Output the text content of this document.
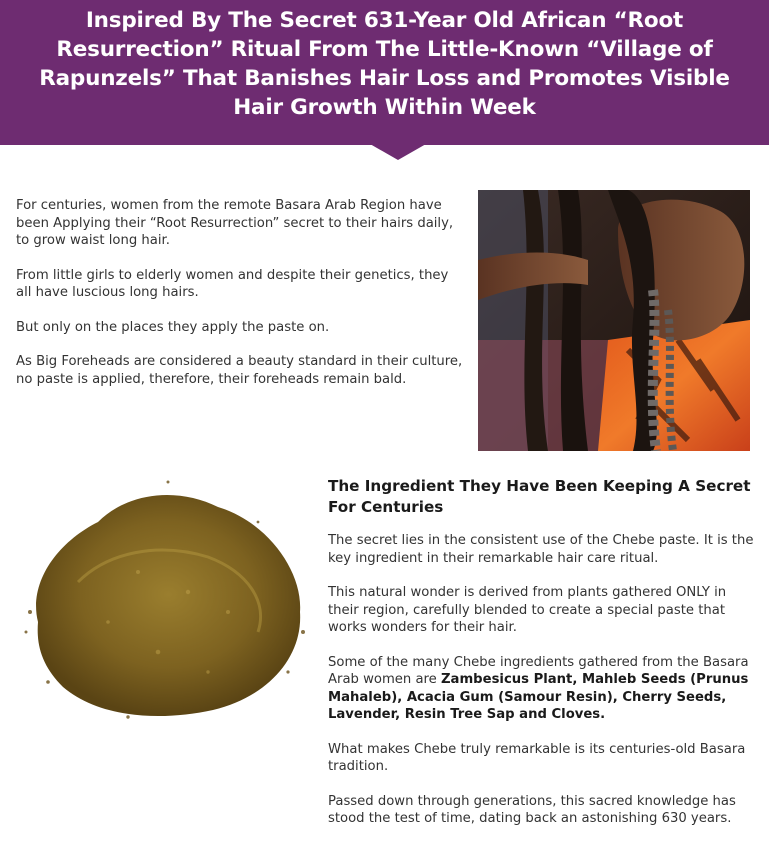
Inspired By The Secret 631-Year Old African “Root Resurrection” Ritual From The Little-Known “Village of Rapunzels” That Banishes Hair Loss and Promotes Visible Hair Growth Within Week

For centuries, women from the remote Basara Arab Region have been Applying their “Root Resurrection” secret to their hairs daily, to grow waist long hair.

From little girls to elderly women and despite their genetics, they all have luscious long hairs.

But only on the places they apply the paste on.

As Big Foreheads are considered a beauty standard in their culture, no paste is applied, therefore, their foreheads remain bald.

The Ingredient They Have Been Keeping A Secret For Centuries

The secret lies in the consistent use of the Chebe paste. It is the key ingredient in their remarkable hair care ritual.

This natural wonder is derived from plants gathered ONLY in their region, carefully blended to create a special paste that works wonders for their hair.

Some of the many Chebe ingredients gathered from the Basara Arab women are Zambesicus Plant, Mahleb Seeds (Prunus Mahaleb), Acacia Gum (Samour Resin), Cherry Seeds, Lavender, Resin Tree Sap and Cloves.

What makes Chebe truly remarkable is its centuries-old Basara tradition.

Passed down through generations, this sacred knowledge has stood the test of time, dating back an astonishing 630 years.
